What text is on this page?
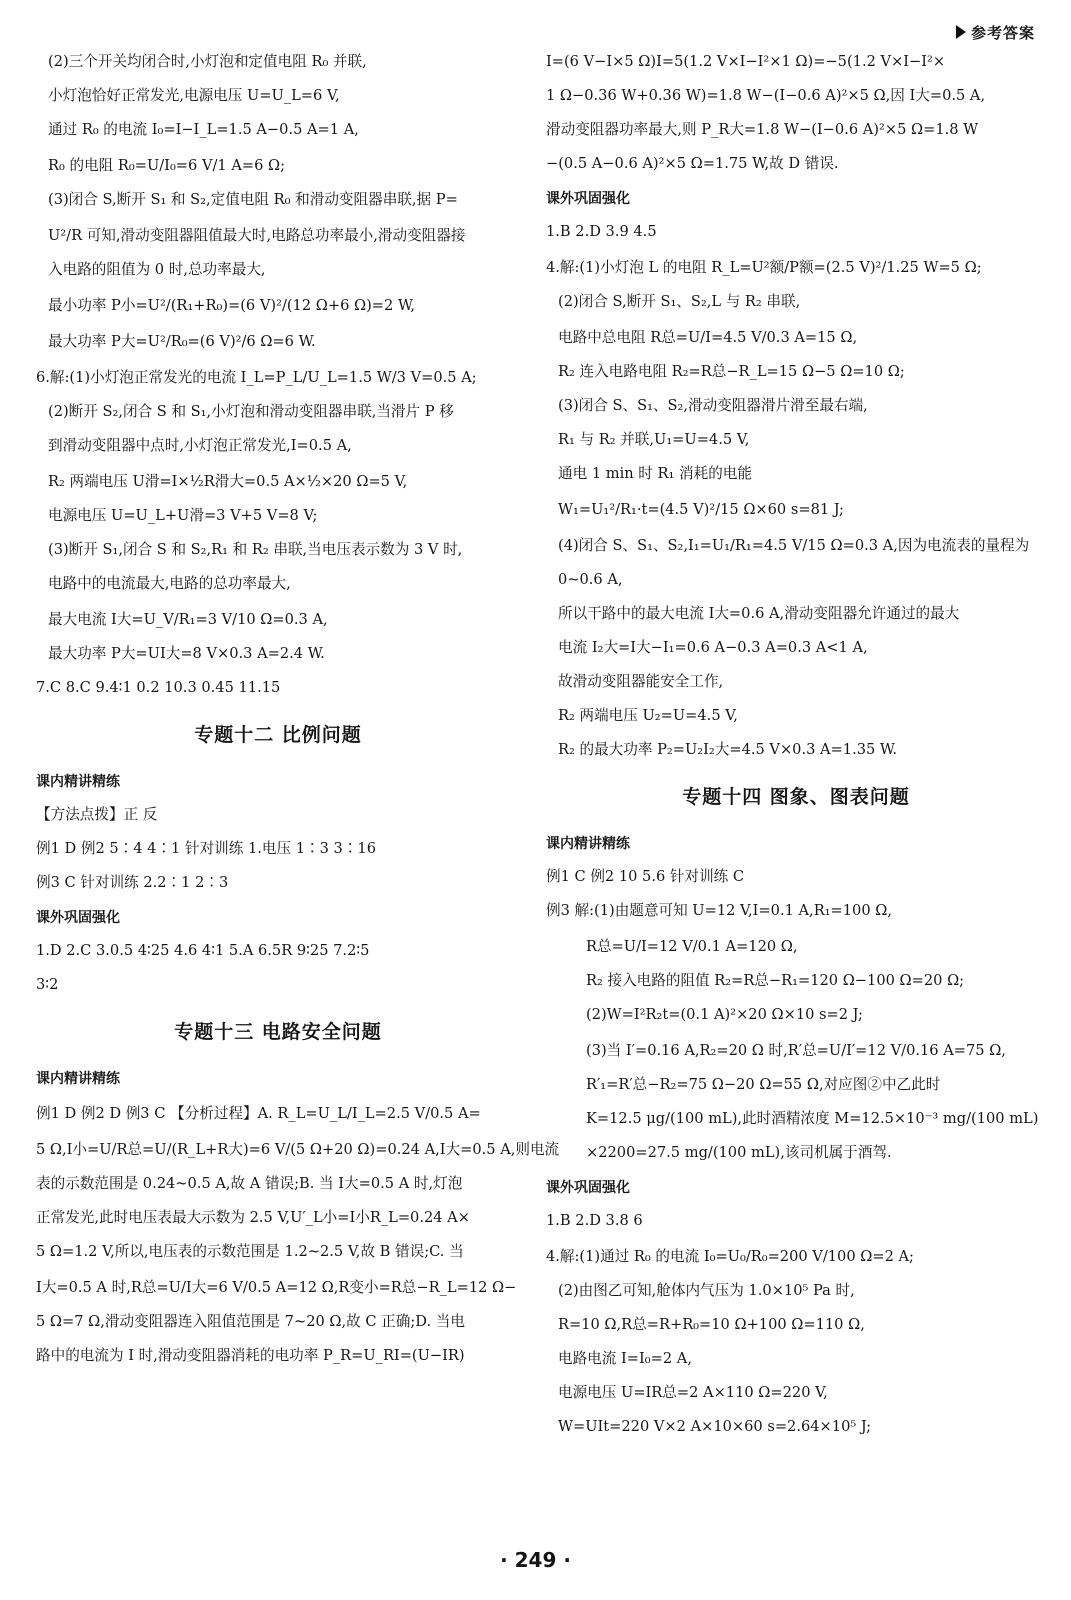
参考答案
(2)三个开关均闭合时,小灯泡和定值电阻 R₀ 并联,
小灯泡恰好正常发光,电源电压 U=U_L=6 V,
通过 R₀ 的电流 I₀=I−I_L=1.5 A−0.5 A=1 A,
R₀ 的电阻 R₀=U/I₀=6 V/1 A=6 Ω;
(3)闭合 S,断开 S₁ 和 S₂,定值电阻 R₀ 和滑动变阻器串联,据 P=
U²/R 可知,滑动变阻器阻值最大时,电路总功率最小,滑动变阻器接
入电路的阻值为 0 时,总功率最大,
最小功率 P小=U²/(R₁+R₀)=(6 V)²/(12 Ω+6 Ω)=2 W,
最大功率 P大=U²/R₀=(6 V)²/6 Ω=6 W.
6.解:(1)小灯泡正常发光的电流 I_L=P_L/U_L=1.5 W/3 V=0.5 A;
(2)断开 S₂,闭合 S 和 S₁,小灯泡和滑动变阻器串联,当滑片 P 移
到滑动变阻器中点时,小灯泡正常发光,I=0.5 A,
R₂ 两端电压 U滑=I×½R滑大=0.5 A×½×20 Ω=5 V,
电源电压 U=U_L+U滑=3 V+5 V=8 V;
(3)断开 S₁,闭合 S 和 S₂,R₁ 和 R₂ 串联,当电压表示数为 3 V 时,
电路中的电流最大,电路的总功率最大,
最大电流 I大=U_V/R₁=3 V/10 Ω=0.3 A,
最大功率 P大=UI大=8 V×0.3 A=2.4 W.
7.C 8.C 9.4∶1 0.2 10.3 0.45 11.15
专题十二 比例问题
课内精讲精练
【方法点拨】正 反
例1 D 例2 5∶4 4∶1 针对训练 1.电压 1∶3 3∶16
例3 C 针对训练 2.2∶1 2∶3
课外巩固强化
1.D 2.C 3.0.5 4∶25 4.6 4∶1 5.A 6.5R 9∶25 7.2∶5
3∶2
专题十三 电路安全问题
课内精讲精练
例1 D 例2 D 例3 C 【分析过程】A. R_L=U_L/I_L=2.5 V/0.5 A=
5 Ω,I小=U/R总=U/(R_L+R大)=6 V/(5 Ω+20 Ω)=0.24 A,I大=0.5 A,则电流
表的示数范围是 0.24~0.5 A,故 A 错误;B. 当 I大=0.5 A 时,灯泡
正常发光,此时电压表最大示数为 2.5 V,U′_L小=I小R_L=0.24 A×
5 Ω=1.2 V,所以,电压表的示数范围是 1.2~2.5 V,故 B 错误;C. 当
I大=0.5 A 时,R总=U/I大=6 V/0.5 A=12 Ω,R变小=R总−R_L=12 Ω−
5 Ω=7 Ω,滑动变阻器连入阻值范围是 7~20 Ω,故 C 正确;D. 当电
路中的电流为 I 时,滑动变阻器消耗的电功率 P_R=U_RI=(U−IR)
I=(6 V−I×5 Ω)I=5(1.2 V×I−I²×1 Ω)=−5(1.2 V×I−I²×
1 Ω−0.36 W+0.36 W)=1.8 W−(I−0.6 A)²×5 Ω,因 I大=0.5 A,
滑动变阻器功率最大,则 P_R大=1.8 W−(I−0.6 A)²×5 Ω=1.8 W
−(0.5 A−0.6 A)²×5 Ω=1.75 W,故 D 错误.
课外巩固强化
1.B 2.D 3.9 4.5
4.解:(1)小灯泡 L 的电阻 R_L=U²额/P额=(2.5 V)²/1.25 W=5 Ω;
(2)闭合 S,断开 S₁、S₂,L 与 R₂ 串联,
电路中总电阻 R总=U/I=4.5 V/0.3 A=15 Ω,
R₂ 连入电路电阻 R₂=R总−R_L=15 Ω−5 Ω=10 Ω;
(3)闭合 S、S₁、S₂,滑动变阻器滑片滑至最右端,
R₁ 与 R₂ 并联,U₁=U=4.5 V,
通电 1 min 时 R₁ 消耗的电能
W₁=U₁²/R₁·t=(4.5 V)²/15 Ω×60 s=81 J;
(4)闭合 S、S₁、S₂,I₁=U₁/R₁=4.5 V/15 Ω=0.3 A,因为电流表的量程为
0~0.6 A,
所以干路中的最大电流 I大=0.6 A,滑动变阻器允许通过的最大
电流 I₂大=I大−I₁=0.6 A−0.3 A=0.3 A<1 A,
故滑动变阻器能安全工作,
R₂ 两端电压 U₂=U=4.5 V,
R₂ 的最大功率 P₂=U₂I₂大=4.5 V×0.3 A=1.35 W.
专题十四 图象、图表问题
课内精讲精练
例1 C 例2 10 5.6 针对训练 C
例3 解:(1)由题意可知 U=12 V,I=0.1 A,R₁=100 Ω,
R总=U/I=12 V/0.1 A=120 Ω,
R₂ 接入电路的阻值 R₂=R总−R₁=120 Ω−100 Ω=20 Ω;
(2)W=I²R₂t=(0.1 A)²×20 Ω×10 s=2 J;
(3)当 I′=0.16 A,R₂=20 Ω 时,R′总=U/I′=12 V/0.16 A=75 Ω,
R′₁=R′总−R₂=75 Ω−20 Ω=55 Ω,对应图②中乙此时
K=12.5 μg/(100 mL),此时酒精浓度 M=12.5×10⁻³ mg/(100 mL)
×2200=27.5 mg/(100 mL),该司机属于酒驾.
课外巩固强化
1.B 2.D 3.8 6
4.解:(1)通过 R₀ 的电流 I₀=U₀/R₀=200 V/100 Ω=2 A;
(2)由图乙可知,舱体内气压为 1.0×10⁵ Pa 时,
R=10 Ω,R总=R+R₀=10 Ω+100 Ω=110 Ω,
电路电流 I=I₀=2 A,
电源电压 U=IR总=2 A×110 Ω=220 V,
W=UIt=220 V×2 A×10×60 s=2.64×10⁵ J;
· 249 ·
